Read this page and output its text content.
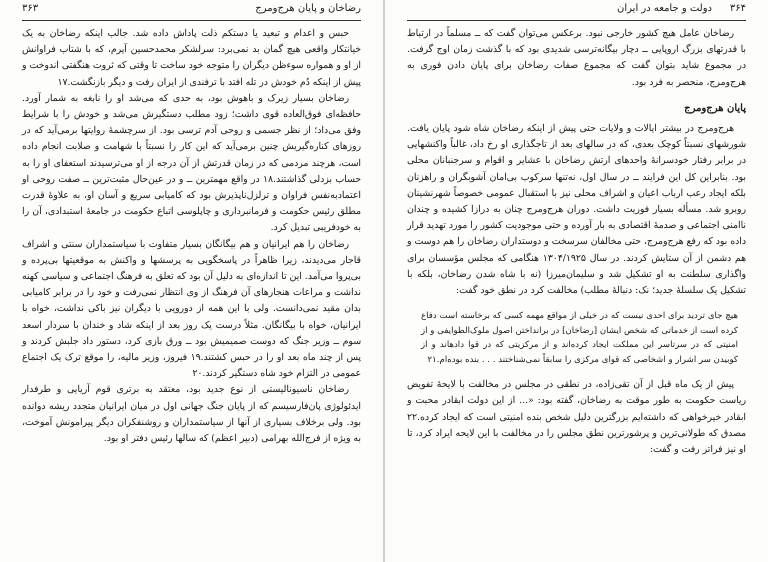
رضاخان و پایان هرج‌ومرج
۳۶۳

حبس و اعدام و تبعید یا دستکم ذلت پاداش داده شد. جالب اینکه رضاخان به یک خیانتکار واقعی هیچ گمان بد نمی‌برد: سرلشکر محمدحسین آیرم، که با شتاب فراوانش از او و همواره سوءظن دیگران را متوجه خود ساخت تا وقتی که ثروت هنگفتی اندوخت و پیش از اینکه دُم خودش در تله افتد با ترفندی از ایران رفت و دیگر بازنگشت.۱۷

رضاخان بسیار زیرک و باهوش بود، به حدی که می‌شد او را نابغه به شمار آورد. حافظه‌ای فوق‌العاده قوی داشت؛ زود مطلب دستگیرش می‌شد و خودش را با شرایط وفق می‌داد؛ از نظر جسمی و روحی آدم ترسی بود. از سرچشمهٔ روایتها برمی‌آید که در روزهای کناره‌گیریش چنین برمی‌آید که این کار را نسبتاً با شهامت و صلابت انجام داده است، هرچند مردمی که در زمان قدرتش از آن درجه از او می‌ترسیدند استعفای او را به حساب بزدلی گذاشتند.۱۸ در واقع مهمترین ــ و در عین‌حال مثبت‌ترین ــ صفت روحی او اعتمادبه‌نفس فراوان و ترلزل‌ناپذیرش بود که کامیابی سریع و آسان او، به علاوهٔ قدرت مطلق رئیس حکومت و فرمانبرداری و چاپلوسی اتباع حکومت در جامعهٔ استبدادی، آن را به خودفریبی تبدیل کرد.

رضاخان را هم ایرانیان و هم بیگانگان بسیار متفاوت با سیاستمداران سنتی و اشراف قاجار می‌دیدند، زیرا ظاهراً در پاسخگویی به پرسشها و واکنش به موقعیتها بی‌پرده و بی‌پروا می‌آمد. این تا اندازه‌ای به دلیل آن بود که تعلق به فرهنگ اجتماعی و سیاسی کهنه نداشت و مراعات هنجارهای آن فرهنگ از وی انتظار نمی‌رفت و خود را در برابر کامیابی بدان مقید نمی‌دانست. ولی با این همه از دورویی با دیگران نیز باکی نداشت، خواه با ایرانیان، خواه با بیگانگان. مثلاً درست یک روز بعد از اینکه شاد و خندان با سردار اسعد سوم ــ وزیر جنگ که دوست صمیمیش بود ــ ورق بازی کرد، دستور داد جلبش کردند و پس از چند ماه بعد او را در حبس کشتند.۱۹ فیروز، وزیر مالیه، را موقع ترک یک اجتماع عمومی در التزام خود شاه دستگیر کردند.۲۰

رضاخان ناسیونالیستی از نوع جدید بود، معتقد به برتری قوم آریایی و طرفدار ایدئولوژی پان‌فارسیسم که از پایان جنگ جهانی اول در میان ایرانیان متجدد ریشه دوانده بود. ولی برخلاف بسیاری از آنها از سیاستمداران و روشنفکران دیگر پیرامونش آموخت، به ویژه از فرج‌الله بهرامی (دبیر اعظم) که سالها رئیس دفتر او بود.

۳۶۴
دولت و جامعه در ایران

رضاخان عامل هیچ کشور خارجی نبود. برعکس می‌توان گفت که ــ مسلماً در ارتباط با قدرتهای بزرگ اروپایی ــ دچار بیگانه‌ترسی شدیدی بود که با گذشت زمان اوج گرفت. در مجموع شاید بتوان گفت که مجموع صفات رضاخان برای پایان دادن فوری به هرج‌ومرج، منحصر به فرد بود.

پایان هرج‌ومرج

هرج‌ومرج در بیشتر ایالات و ولایات حتی پیش از اینکه رضاخان شاه شود پایان یافت. شورشهای نسبتاً کوچک بعدی، که در سالهای بعد از تاجگذاری او رخ داد، غالباً واکنشهایی در برابر رفتار خودسرانهٔ واحدهای ارتش رضاخان با عشایر و اقوام و سرجنبانان محلی بود. بنابراین کل این فرایند ــ در سال اول، نه‌تنها سرکوب بی‌امان آشوبگران و راهزنان بلکه ایجاد رعب ارباب اعیان و اشراف محلی نیز با استقبال عمومی خصوصاً شهرنشینان روبرو شد. مسأله بسیار فوریت داشت. دوران هرج‌ومرج چنان به درازا کشیده و چندان ناامنی اجتماعی و صدمهٔ اقتصادی به بار آورده و حتی موجودیت کشور را مورد تهدید قرار داده بود که رفع هرج‌ومرج، حتی مخالفان سرسخت و دوستداران رضاخان را هم دوست و هم دشمن از آن ستایش کردند. در سال ۱۳۰۴/۱۹۲۵ هنگامی که مجلس مؤسسان برای واگذاری سلطنت به او تشکیل شد و سلیمان‌میرزا (نه با شاه شدن رضاخان، بلکه با تشکیل یک سلسلهٔ جدید؛ نک: دنبالهٔ مطلب) مخالفت کرد در نطق خود گفت:

هیچ جای تردید برای احدی نیست که در خیلی از مواقع مهمه کسی که برخاسته است دفاع کرده است از خدماتی که شخص ایشان [رضاخان] در برانداختن اصول ملوک‌الطوایفی و از امنیتی که در سرتاسر این مملکت ایجاد کرده‌اند و از مرکزیتی که در قوا دادهاند و از کوبیدن سر اشرار و اشخاصی که قوای مرکزی را سابقاً نمی‌شناختند . . . بنده بوده‌ام.۲۱

پیش از یک ماه قبل از آن تقی‌زاده، در نطقی در مجلس در مخالفت با لایحهٔ تفویض ریاست حکومت به طور موقت به رضاخان، گفته بود: «... از این دولت ابقادر محبت و ابقادر خیرخواهی که داشته‌ایم بزرگترین دلیل شخص بنده امنیتی است که ایجاد کرده.۲۲ مصدق که طولانی‌ترین و پرشورترین نطق مجلس را در مخالفت با این لایحه ایراد کرد، تا او نیز فراتر رفت و گفت:
